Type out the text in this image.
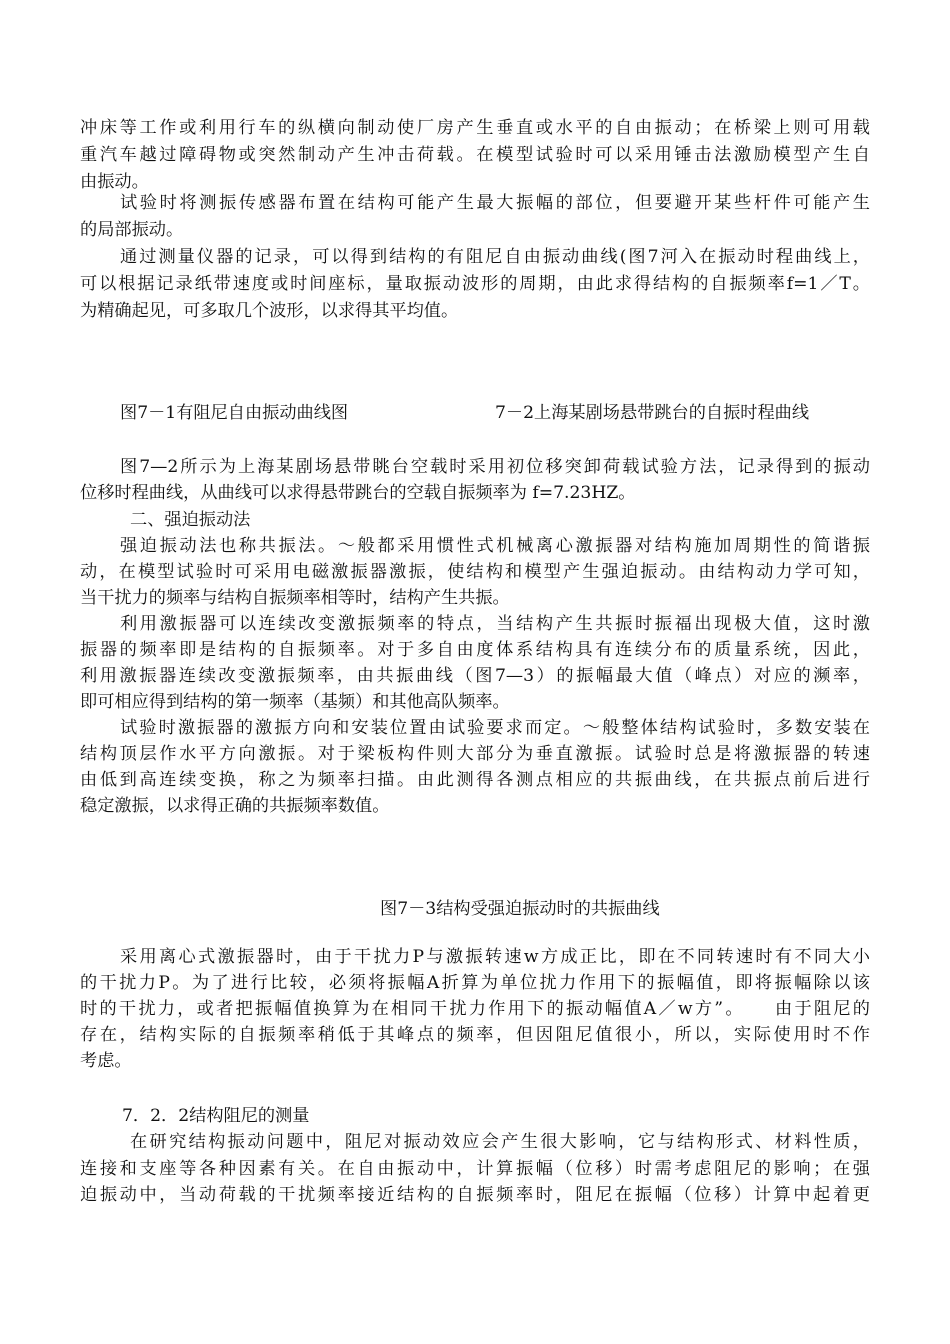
冲床等工作或利用行车的纵横向制动使厂房产生垂直或水平的自由振动；在桥梁上则可用载
重汽车越过障碍物或突然制动产生冲击荷载。在模型试验时可以采用锤击法激励模型产生自
由振动。
试验时将测振传感器布置在结构可能产生最大振幅的部位，但要避开某些杆件可能产生
的局部振动。
通过测量仪器的记录，可以得到结构的有阻尼自由振动曲线(图7河入在振动时程曲线上，
可以根据记录纸带速度或时间座标，量取振动波形的周期，由此求得结构的自振频率f=1／T。
为精确起见，可多取几个波形，以求得其平均值。
图7－1有阻尼自由振动曲线图	7－2上海某剧场悬带跳台的自振时程曲线
图7—2所示为上海某剧场悬带眺台空载时采用初位移突卸荷载试验方法，记录得到的振动
位移时程曲线，从曲线可以求得悬带跳台的空载自振频率为 f=7.23HZ。
二、强迫振动法
强迫振动法也称共振法。～般都采用惯性式机械离心激振器对结构施加周期性的简谐振
动，在模型试验时可采用电磁激振器激振，使结构和模型产生强迫振动。由结构动力学可知，
当干扰力的频率与结构自振频率相等时，结构产生共振。
利用激振器可以连续改变激振频率的特点，当结构产生共振时振福出现极大值，这时激
振器的频率即是结构的自振频率。对于多自由度体系结构具有连续分布的质量系统，因此，
利用激振器连续改变激振频率，由共振曲线（图7—3）的振幅最大值（峰点）对应的濒率，
即可相应得到结构的第一频率（基频）和其他高队频率。
试验时激振器的激振方向和安装位置由试验要求而定。～般整体结构试验时，多数安装在
结构顶层作水平方向激振。对于梁板构件则大部分为垂直激振。试验时总是将激振器的转速
由低到高连续变换，称之为频率扫描。由此测得各测点相应的共振曲线，在共振点前后进行
稳定激振，以求得正确的共振频率数值。
图7－3结构受强迫振动时的共振曲线
采用离心式激振器时，由于干扰力P与激振转速w方成正比，即在不同转速时有不同大小
的干扰力P。为了进行比较，必须将振幅A折算为单位扰力作用下的振幅值，即将振幅除以该
时的干扰力，或者把振幅值换算为在相同干扰力作用下的振动幅值A／w方”。　　由于阻尼的
存在，结构实际的自振频率稍低于其峰点的频率，但因阻尼值很小，所以，实际使用时不作
考虑。
7．2．2结构阻尼的测量
在研究结构振动问题中，阻尼对振动效应会产生很大影响，它与结构形式、材料性质，
连接和支座等各种因素有关。在自由振动中，计算振幅（位移）时需考虑阻尼的影响；在强
迫振动中，当动荷载的干扰频率接近结构的自振频率时，阻尼在振幅（位移）计算中起着更
